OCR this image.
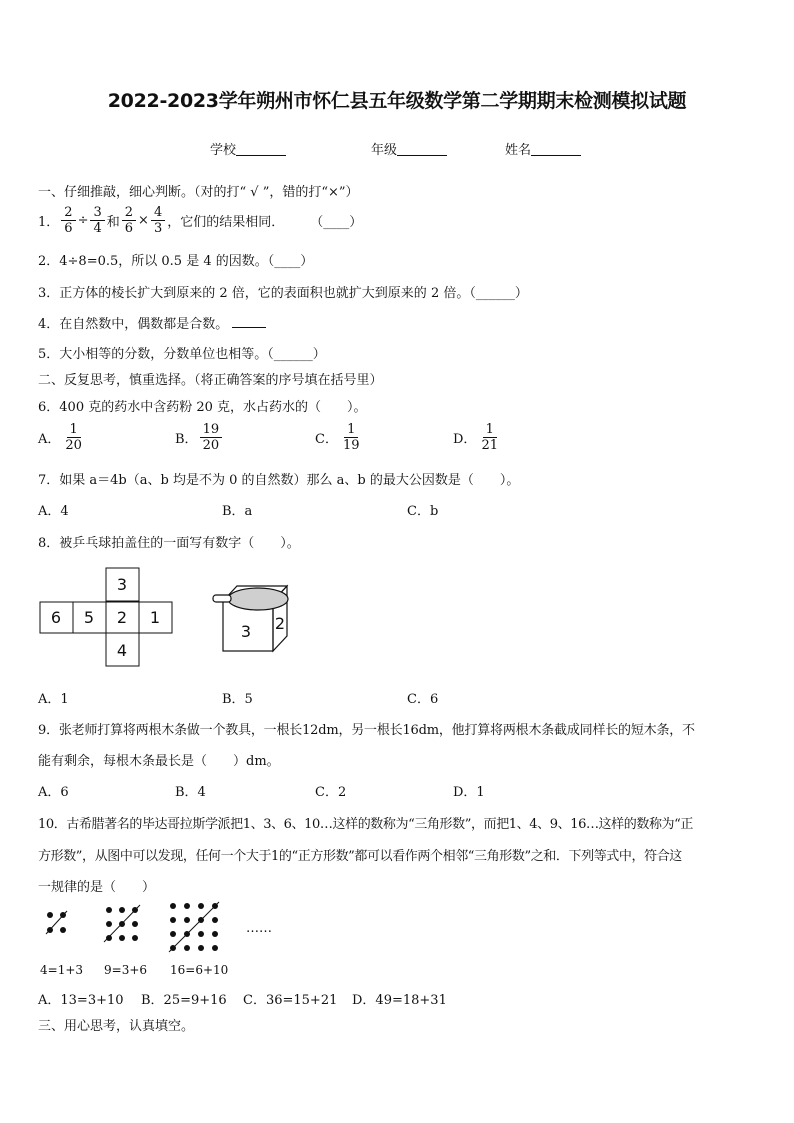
2022-2023学年朔州市怀仁县五年级数学第二学期期末检测模拟试题
学校	年级	姓名
一、仔细推敲，细心判断。（对的打“ √ ”，错的打“×”）
1． $\frac{2}{6} \div \frac{3}{4}$ 和 $\frac{2}{6} \times \frac{4}{3}$ ，它们的结果相同． （____）
2．4÷8=0.5，所以 0.5 是 4 的因数。（____）
3．正方体的棱长扩大到原来的 2 倍，它的表面积也就扩大到原来的 2 倍。（______）
4．在自然数中，偶数都是合数。
5．大小相等的分数，分数单位也相等。（______）
二、反复思考，慎重选择。（将正确答案的序号填在括号里）
6．400 克的药水中含药粉 20 克，水占药水的（　　）。
A． $\frac{1}{20}$	B． $\frac{19}{20}$	C． $\frac{1}{19}$	D． $\frac{1}{21}$
7．如果 a＝4b（a、b 均是不为 0 的自然数）那么 a、b 的最大公因数是（　　）。
A．4	B．a	C．b
8．被乒乓球拍盖住的一面写有数字（　　）。
3
6 5 2 1
4
3 2
A．1	B．5	C．6
9．张老师打算将两根木条做一个教具，一根长12dm，另一根长16dm，他打算将两根木条截成同样长的短木条，不
能有剩余，每根木条最长是（　　）dm。
A．6	B．4	C．2	D．1
10．古希腊著名的毕达哥拉斯学派把1、3、6、10…这样的数称为“三角形数”，而把1、4、9、16…这样的数称为“正
方形数”，从图中可以发现，任何一个大于1的“正方形数”都可以看作两个相邻“三角形数”之和．下列等式中，符合这
一规律的是（　　）
……
4=1+3 9=3+6 16=6+10
A．13=3+10 B．25=9+16 C．36=15+21 D．49=18+31
三、用心思考，认真填空。
